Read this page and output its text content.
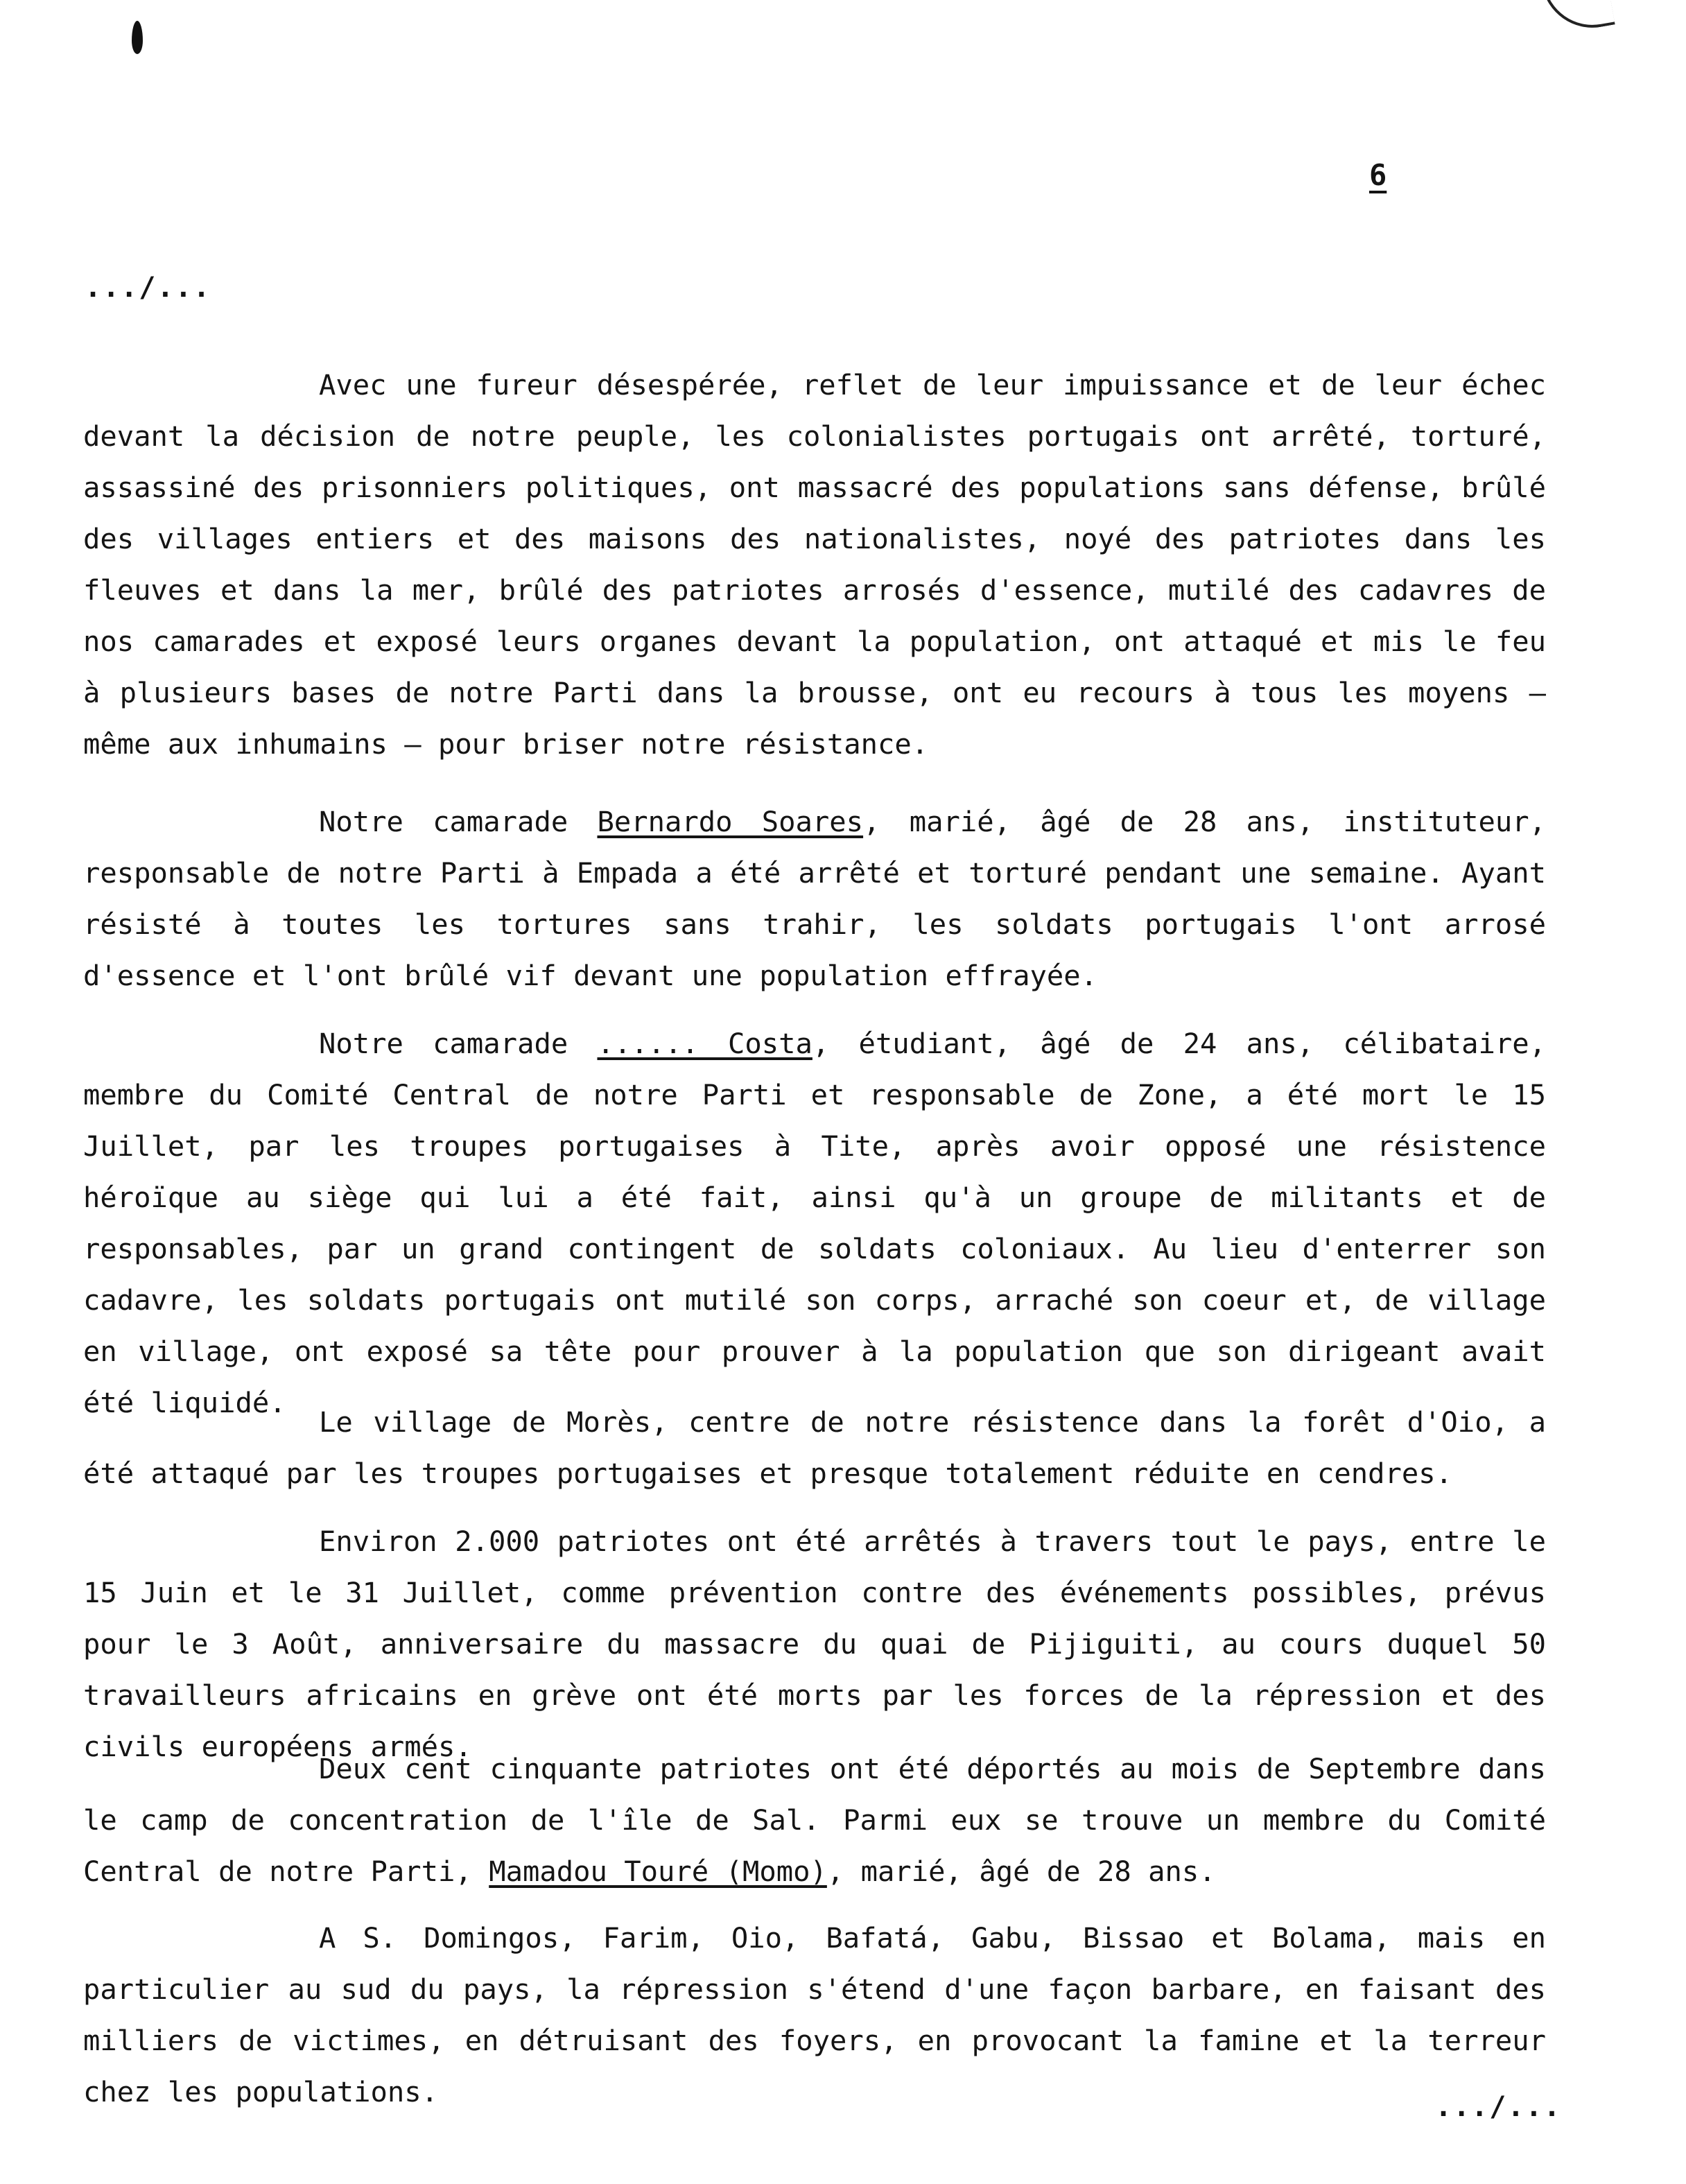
6
.../...

Avec une fureur désespérée, reflet de leur impuissance et de leur échec devant la décision de notre peuple, les colonialistes portugais ont arrêté, torturé, assassiné des prisonniers politiques, ont massacré des populations sans défense, brûlé des villages entiers et des maisons des nationalistes, noyé des patriotes dans les fleuves et dans la mer, brûlé des patriotes arrosés d'essence, mutilé des cadavres de nos camarades et exposé leurs organes devant la population, ont attaqué et mis le feu à plusieurs bases de notre Parti dans la brousse, ont eu recours à tous les moyens – même aux inhumains – pour briser notre résistance.

Notre camarade Bernardo Soares, marié, âgé de 28 ans, instituteur, responsable de notre Parti à Empada a été arrêté et torturé pendant une semaine. Ayant résisté à toutes les tortures sans trahir, les soldats portugais l'ont arrosé d'essence et l'ont brûlé vif devant une population effrayée.

Notre camarade ...... Costa, étudiant, âgé de 24 ans, célibataire, membre du Comité Central de notre Parti et responsable de Zone, a été mort le 15 Juillet, par les troupes portugaises à Tite, après avoir opposé une résistence héroïque au siège qui lui a été fait, ainsi qu'à un groupe de militants et de responsables, par un grand contingent de soldats coloniaux. Au lieu d'enterrer son cadavre, les soldats portugais ont mutilé son corps, arraché son coeur et, de village en village, ont exposé sa tête pour prouver à la population que son dirigeant avait été liquidé.

Le village de Morès, centre de notre résistence dans la forêt d'Oio, a été attaqué par les troupes portugaises et presque totalement réduite en cendres.

Environ 2.000 patriotes ont été arrêtés à travers tout le pays, entre le 15 Juin et le 31 Juillet, comme prévention contre des événements possibles, prévus pour le 3 Août, anniversaire du massacre du quai de Pijiguiti, au cours duquel 50 travailleurs africains en grève ont été morts par les forces de la répression et des civils européens armés.

Deux cent cinquante patriotes ont été déportés au mois de Septembre dans le camp de concentration de l'île de Sal. Parmi eux se trouve un membre du Comité Central de notre Parti, Mamadou Touré (Momo), marié, âgé de 28 ans.

A S. Domingos, Farim, Oio, Bafatá, Gabu, Bissao et Bolama, mais en particulier au sud du pays, la répression s'étend d'une façon barbare, en faisant des milliers de victimes, en détruisant des foyers, en provocant la famine et la terreur chez les populations.	.../...
